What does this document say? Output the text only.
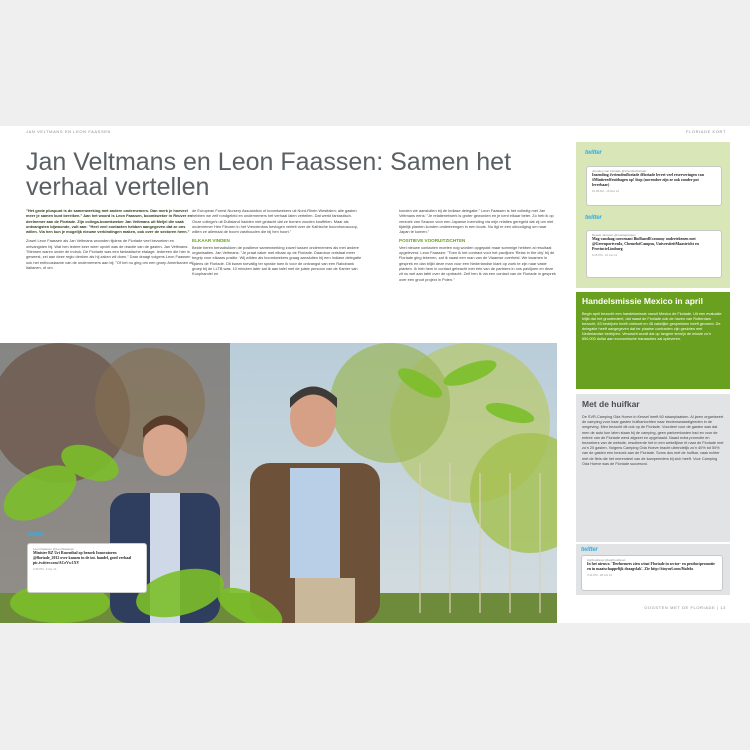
JAN VELTMANS EN LEON FAASSEN	FLORIADE KORT
Jan Veltmans en Leon Faassen: Samen het verhaal vertellen

"Het grote pluspunt is de samenwerking met andere ondernemers. Dan merk je hoeveel meer je samen kunt bereiken." Aan het woord is Leon Faassen, boomkweker in Reuver en deelnemer aan de Floriade. Zijn collega-boomkweker Jan Veltmans uit Meijel die vaak ontvangsten bijwoonde, vult aan: "Heel veel contacten hebben aangegeven dat ze ons willen. Via hen kun je mogelijk nieuwe verbindingen maken, ook over de sectoren heen."

Zowel Leon Faassen als Jan Veltmans woonden tijdens de Floriade veel bezoeken en ontvangsten bij. Wat hen iedere keer weer opviel was de reactie van de gasten. Jan Veltmans: "Mensen waren onder de indruk. De Floriade was een fantastische etalage. Iedereen die hier is geweest, zei aan deze regio denken als hij zaken wil doen." Daar draagt volgens Leon Faassen ook het enthousiasme van de ondernemers aan bij. "Of het nu ging om een groep Amerikanen of Italianen, of om

de European Forest Nursery Association of boomkwekers uit Nord-Rhein Westfalen; alle gasten hebben we zelf rondgeleid en ondernemers het verhaal laten vertellen. Dat werkt fantastisch. Onze collega's uit Duitsland hadden niet gedacht dat ze bomen zouden knuffelen. Maar als ondernemer Hen Fleuren in het Vrendenbos bevlogen vertelt over de Kafrische boomhoroscoop, willen ze allemaal de boom vasthouden die bij hen hoort."

ELKAAR VINDEN

Beide heren benadrukken de positieve samenwerking zowel tussen ondernemers als met andere organisaties. Jan Veltmans: "Je praat vaker met elkaar op de Floriade. Daardoor ontstaat meer begrip voor elkaars positie. Wij wilden als boomkwekers graag aansluiten bij een Indiase delegatie tijdens de Floriade. Dit kwam toevallig ter sprake toen ik voor de ontvangst van een Rabobank groep bij de LLTB was. 10 minuten later zat ik aan tafel met de juiste persoon van de Kamer van Koophandel en

konden we aansluiten bij de Indiase delegatie." Leon Faassen is het volledig met Jan Veltmans eens: "Je relatienetwerk is groter geworden en je kent elkaar beter. Zo heb ik op verzoek van Seacon voor een Japanse inzending via mijn relaties geregeld dat zij om niet tijdelijk planten konden onderbrengen in een loods. Nu ligt er een uitnodiging om naar Japan te komen."

POSITIEVE VOORUITZICHTEN

Veel nieuwe contacten moeten nog worden opgepakt maar sommige hebben al resultaat opgeleverd. Leon Faassen: "Toen ik het contract voor het paviljoen 'Relax in the city' bij de Floriade ging tekenen, zat ik naast een man van de Vlaamse overheid. We kwamen in gesprek en dan blijkt deze man voor een Nederlandse klant op zoek te zijn naar vaste planten. Ik heb hem in contact gebracht met één van de partners in ons paviljoen en deze zit nu wel aan tafel over de opdracht. Zelf ben ik via een contact van de Floriade in gesprek over een groot project in Polen."

twitter
Leon Faassen @LeonFaassen
Minister BZ Uri Rosenthal op bezoek Innovatoren @floriade_2012 over kansen in de int. handel, goed verhaal pic.twitter.com/ACeVw1XV
2:36 PM - 6 Apr 12
twitter
vrienden van Floriade @vriendenfloriade
Inzending #vriendenfloriade #floriade levert veel reserveringen van #Minitree#fruitbagen op! #top (november zijn ze ook zonder pot leverbaar)
10:38 AM - 16 Dec 12
twitter
Rosele Janssen @roselejanssen
Mag vandaag convenant BioBasedEconomy ondertekenen met @GreenportvenIo, ChemelotCampus, UniversiteitMaastricht en ProvincieLimburg
6:25 PM - 16 Jan 12
Handelsmissie Mexico in april

Begin april bezocht een handelsmissie vanuit Mexico de Floriade. Uit een evaluatie blijkt dat het grootendeel, dat naast de Floriade ook de haven van Rotterdam bezocht, 63 bedrijven heeft ontmoet en 48 zakelijke gesprekken heeft gevoerd. De delegatie heeft aangegeven dat ter plaatse contracten zijn gesloten met Nederlandse bedrijven. Verwacht wordt dat op langere termijn de missie zo'n 650.000 dollar aan economische transacties zal opleveren.

Met de huifkar

De SVR-Camping Oda Hoeve in Kessel heeft 60 staanplaatsen. Al jaren organiseert de camping voor haar gasten huifkartochten naar bezienswaardigheden in de omgeving. Men bezocht dit ook op de Floriade. Voordeel voor de gasten was dat men de auto kon laten staan bij de camping, geen parkeerkosten had en voor de entree van de Floriade werd afgezet en opgehaald. Naast extra promotie en bezoekers van de website, resulteerde het in een wekelijkse rit naar de Floriade met zo'n 20 gasten. Volgens Camping Oda Hoeve bracht uiteindelijk zo'n 40% tot 50% van de gasten een bezoek aan de Floriade. Soms dus met de huifkar, vaak echter met de fiets die het merendeel van de kampeerders bij zich heeft. Voor Camping Oda Hoeve was de Floriade succesvol.

twitter
Agrifoodlevel @agrifoodlevel
In het nieuws: 'Deelnemers zien winst Floriade in sector- en productpromotie en in maatschappelijk draagvlak'. Zie http://tinyurl.com/8taleks
3:34 PM - 28 Oct 12
OOGSTEN MET DE FLORIADE | 13
